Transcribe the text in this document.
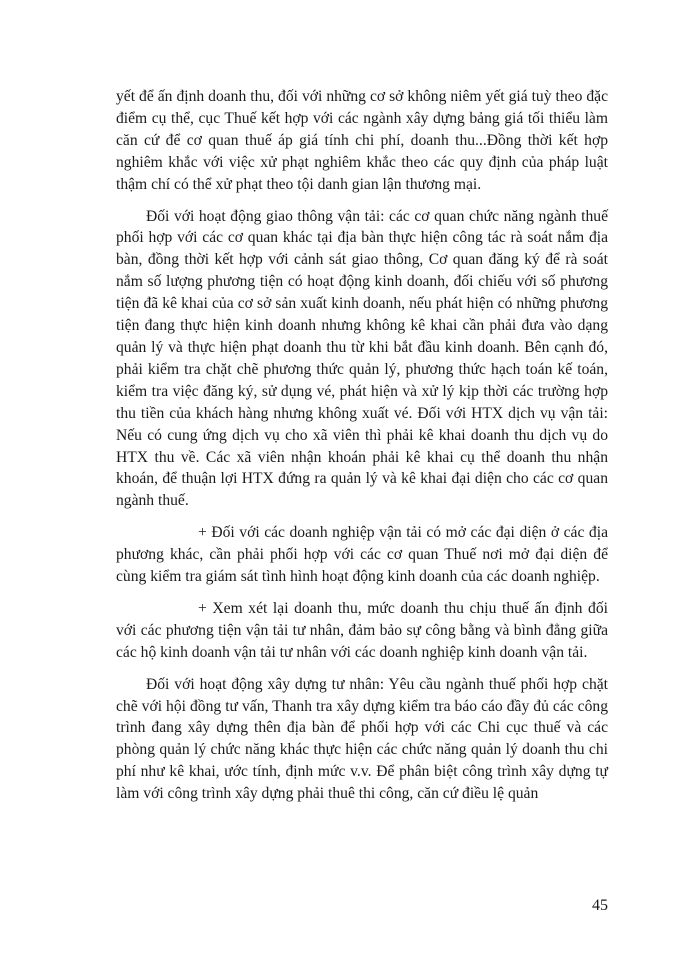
yết để ấn định doanh thu, đối với những cơ sở không niêm yết giá tuỳ theo đặc điểm cụ thể, cục Thuế kết hợp với các ngành xây dựng bảng giá tối thiểu làm căn cứ để cơ quan thuế áp giá tính chi phí, doanh thu...Đồng thời kết hợp nghiêm khắc với việc xử phạt nghiêm khắc theo các quy định của pháp luật thậm chí có thể xử phạt theo tội danh gian lận thương mại.

Đối với hoạt động giao thông vận tải: các cơ quan chức năng ngành thuế phối hợp với các cơ quan khác tại địa bàn thực hiện công tác rà soát nắm địa bàn, đồng thời kết hợp với cảnh sát giao thông, Cơ quan đăng ký để rà soát nắm số lượng phương tiện có hoạt động kinh doanh, đối chiếu với số phương tiện đã kê khai của cơ sở sản xuất kinh doanh, nếu phát hiện có những phương tiện đang thực hiện kinh doanh nhưng không kê khai cần phải đưa vào dạng quản lý và thực hiện phạt doanh thu từ khi bắt đầu kinh doanh. Bên cạnh đó, phải kiểm tra chặt chẽ phương thức quản lý, phương thức hạch toán kế toán, kiểm tra việc đăng ký, sử dụng vé, phát hiện và xử lý kịp thời các trường hợp thu tiền của khách hàng nhưng không xuất vé. Đối với HTX dịch vụ vận tải: Nếu có cung ứng dịch vụ cho xã viên thì phải kê khai doanh thu dịch vụ do HTX thu về. Các xã viên nhận khoán phải kê khai cụ thể doanh thu nhận khoán, để thuận lợi HTX đứng ra quản lý và kê khai đại diện cho các cơ quan ngành thuế.

+ Đối với các doanh nghiệp vận tải có mở các đại diện ở các địa phương khác, cần phải phối hợp với các cơ quan Thuế nơi mở đại diện để cùng kiểm tra giám sát tình hình hoạt động kinh doanh của các doanh nghiệp.

+ Xem xét lại doanh thu, mức doanh thu chịu thuế ấn định đối với các phương tiện vận tải tư nhân, đảm bảo sự công bằng và bình đẳng giữa các hộ kinh doanh vận tải tư nhân với các doanh nghiệp kinh doanh vận tải.

Đối với hoạt động xây dựng tư nhân: Yêu cầu ngành thuế phối hợp chặt chẽ với hội đồng tư vấn, Thanh tra xây dựng kiểm tra báo cáo đầy đủ các công trình đang xây dựng thên địa bàn để phối hợp với các Chi cục thuế và các phòng quản lý chức năng khác thực hiện các chức năng quản lý doanh thu chi phí như kê khai, ước tính, định mức v.v. Để phân biệt công trình xây dựng tự làm với công trình xây dựng phải thuê thi công, căn cứ điều lệ quản

45
